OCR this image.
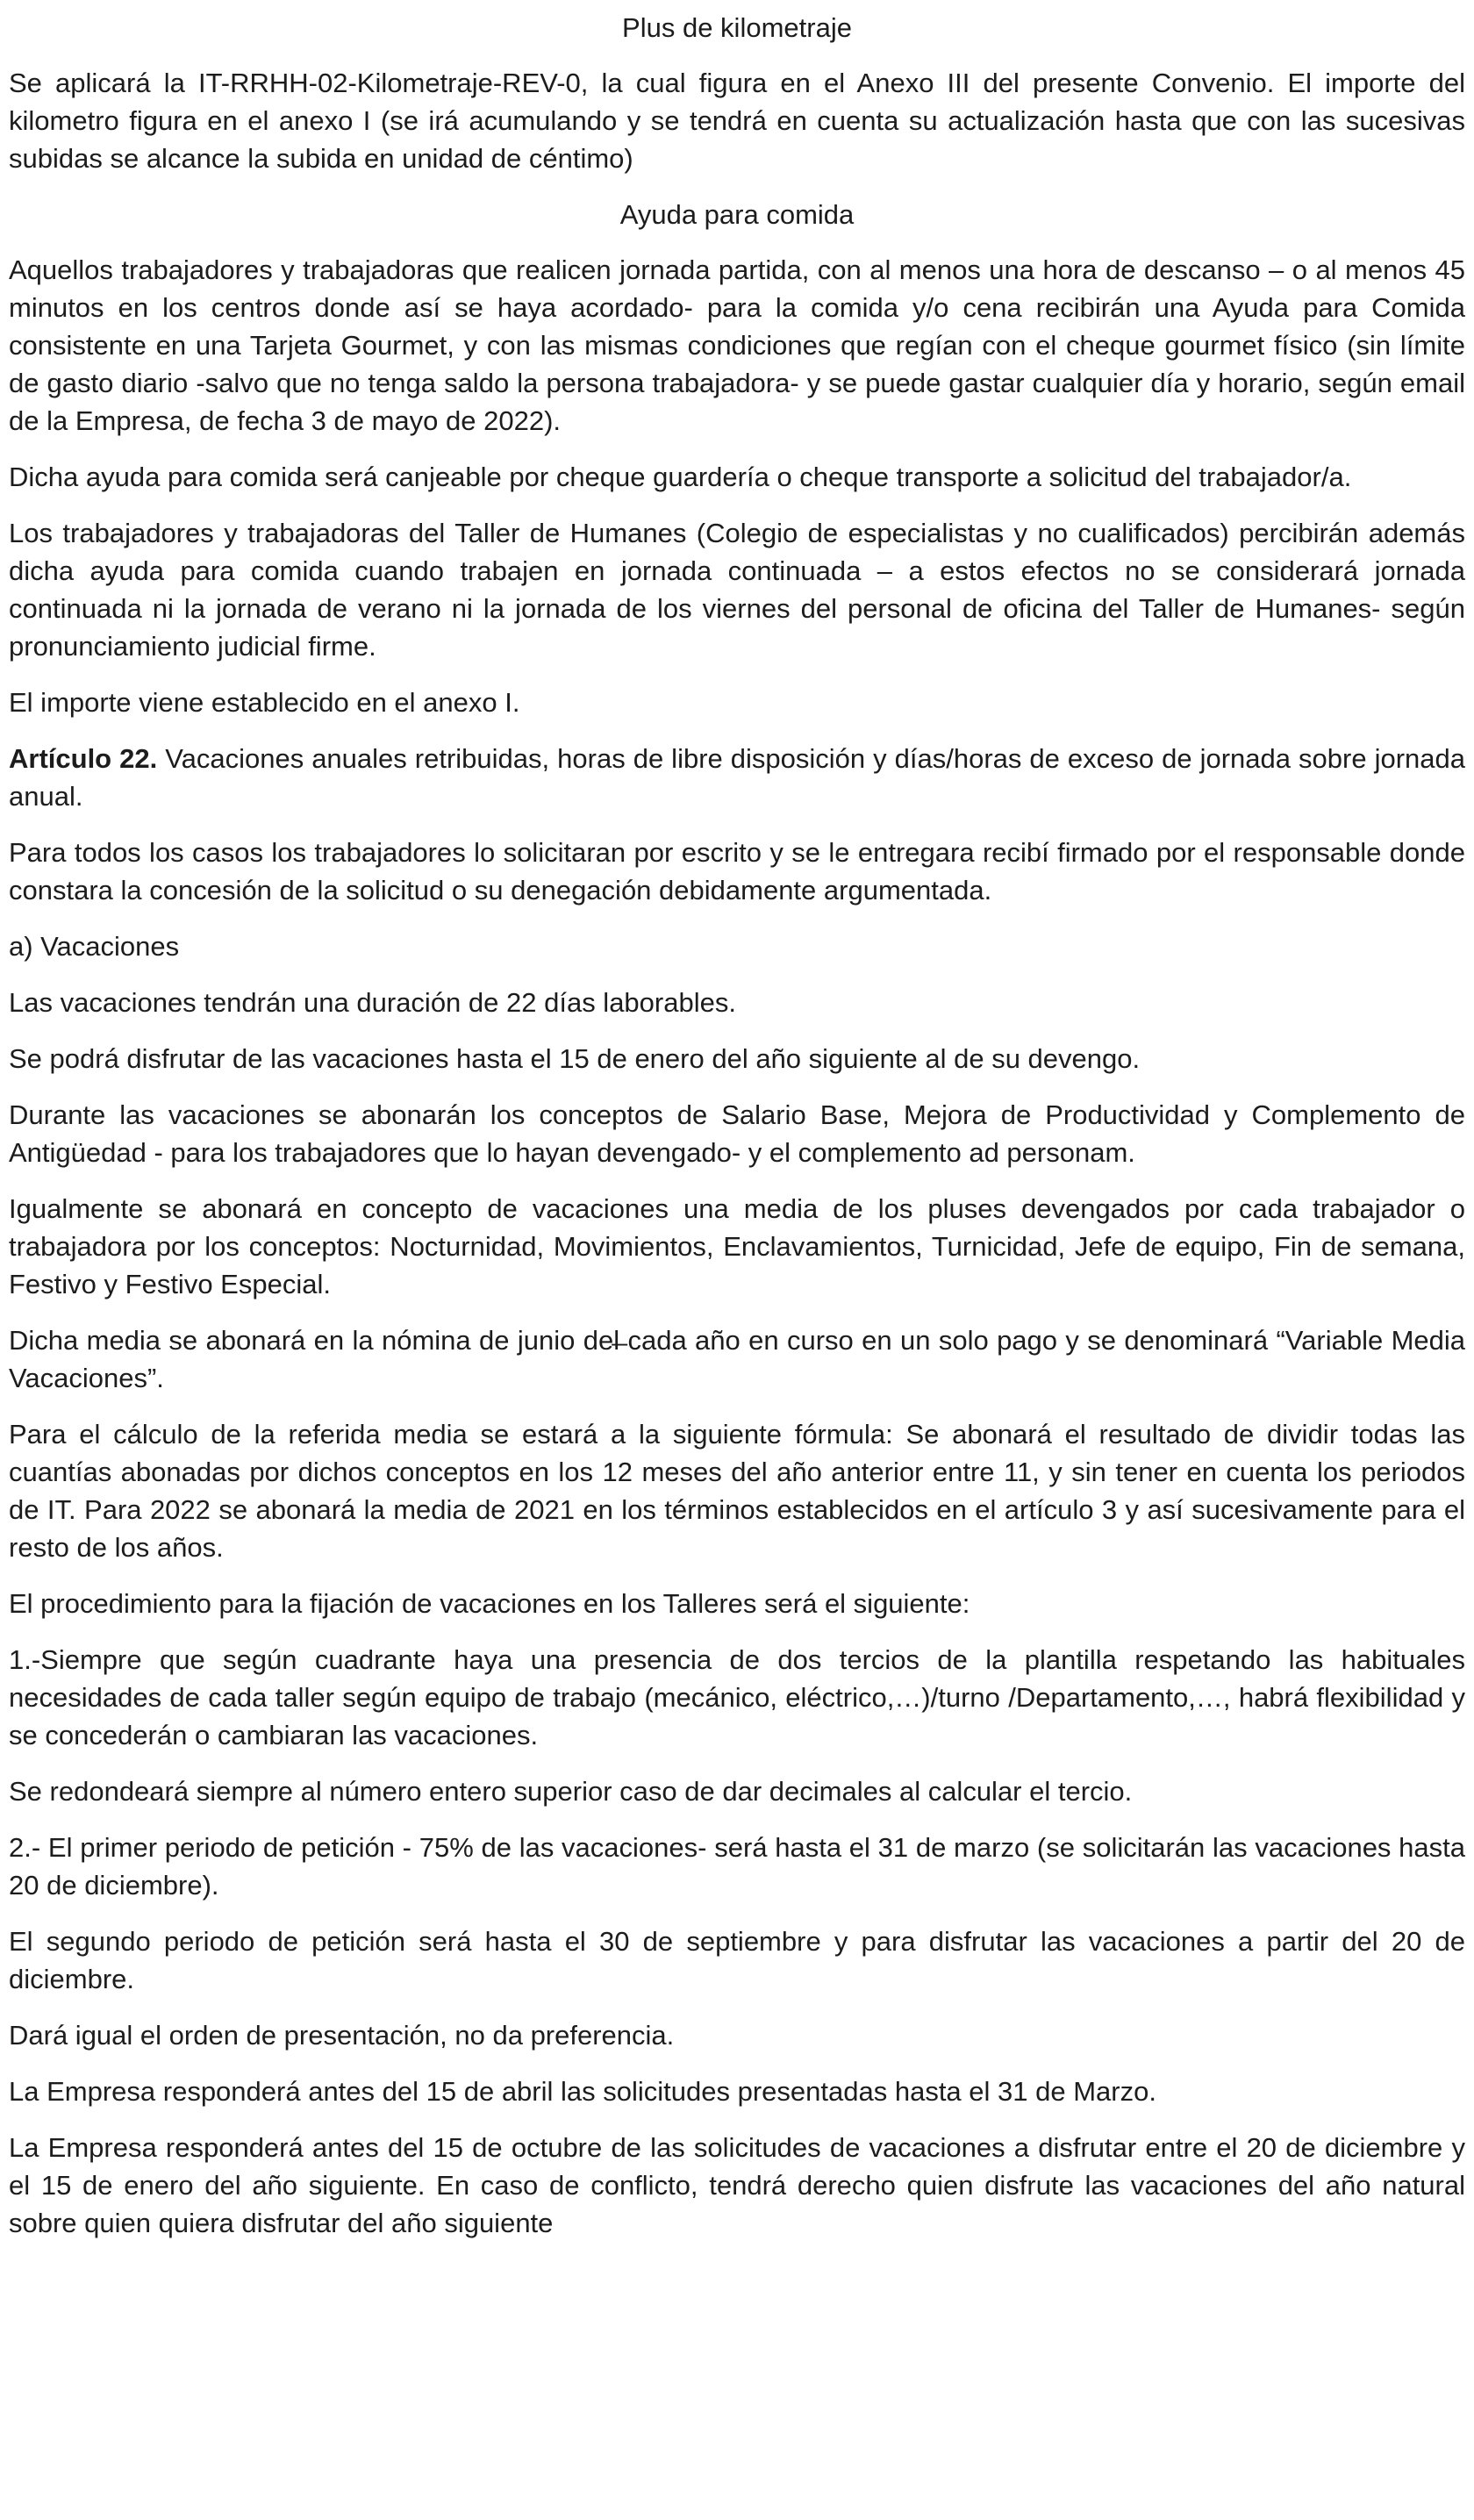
Plus de kilometraje

Se aplicará la IT-RRHH-02-Kilometraje-REV-0, la cual figura en el Anexo III del presente Convenio. El importe del kilometro figura en el anexo I (se irá acumulando y se tendrá en cuenta su actualización hasta que con las sucesivas subidas se alcance la subida en unidad de céntimo)

Ayuda para comida

Aquellos trabajadores y trabajadoras que realicen jornada partida, con al menos una hora de descanso – o al menos 45 minutos en los centros donde así se haya acordado- para la comida y/o cena recibirán una Ayuda para Comida consistente en una Tarjeta Gourmet, y con las mismas condiciones que regían con el cheque gourmet físico (sin límite de gasto diario -salvo que no tenga saldo la persona trabajadora- y se puede gastar cualquier día y horario, según email de la Empresa, de fecha 3 de mayo de 2022).

Dicha ayuda para comida será canjeable por cheque guardería o cheque transporte a solicitud del trabajador/a.

Los trabajadores y trabajadoras del Taller de Humanes (Colegio de especialistas y no cualificados) percibirán además dicha ayuda para comida cuando trabajen en jornada continuada – a estos efectos no se considerará jornada continuada ni la jornada de verano ni la jornada de los viernes del personal de oficina del Taller de Humanes- según pronunciamiento judicial firme.

El importe viene establecido en el anexo I.

Artículo 22. Vacaciones anuales retribuidas, horas de libre disposición y días/horas de exceso de jornada sobre jornada anual.

Para todos los casos los trabajadores lo solicitaran por escrito y se le entregara recibí firmado por el responsable donde constara la concesión de la solicitud o su denegación debidamente argumentada.

a) Vacaciones

Las vacaciones tendrán una duración de 22 días laborables.

Se podrá disfrutar de las vacaciones hasta el 15 de enero del año siguiente al de su devengo.

Durante las vacaciones se abonarán los conceptos de Salario Base, Mejora de Productividad y Complemento de Antigüedad - para los trabajadores que lo hayan devengado- y el complemento ad personam.

Igualmente se abonará en concepto de vacaciones una media de los pluses devengados por cada trabajador o trabajadora por los conceptos: Nocturnidad, Movimientos, Enclavamientos, Turnicidad, Jefe de equipo, Fin de semana, Festivo y Festivo Especial.

Dicha media se abonará en la nómina de junio del̶ cada año en curso en un solo pago y se denominará “Variable Media Vacaciones”.

Para el cálculo de la referida media se estará a la siguiente fórmula: Se abonará el resultado de dividir todas las cuantías abonadas por dichos conceptos en los 12 meses del año anterior entre 11, y sin tener en cuenta los periodos de IT. Para 2022 se abonará la media de 2021 en los términos establecidos en el artículo 3 y así sucesivamente para el resto de los años.

El procedimiento para la fijación de vacaciones en los Talleres será el siguiente:

1.-Siempre que según cuadrante haya una presencia de dos tercios de la plantilla respetando las habituales necesidades de cada taller según equipo de trabajo (mecánico, eléctrico,…)/turno /Departamento,…, habrá flexibilidad y se concederán o cambiaran las vacaciones.

Se redondeará siempre al número entero superior caso de dar decimales al calcular el tercio.

2.- El primer periodo de petición - 75% de las vacaciones- será hasta el 31 de marzo (se solicitarán las vacaciones hasta 20 de diciembre).

El segundo periodo de petición será hasta el 30 de septiembre y para disfrutar las vacaciones a partir del 20 de diciembre.

Dará igual el orden de presentación, no da preferencia.

La Empresa responderá antes del 15 de abril las solicitudes presentadas hasta el 31 de Marzo.

La Empresa responderá antes del 15 de octubre de las solicitudes de vacaciones a disfrutar entre el 20 de diciembre y el 15 de enero del año siguiente. En caso de conflicto, tendrá derecho quien disfrute las vacaciones del año natural sobre quien quiera disfrutar del año siguiente
